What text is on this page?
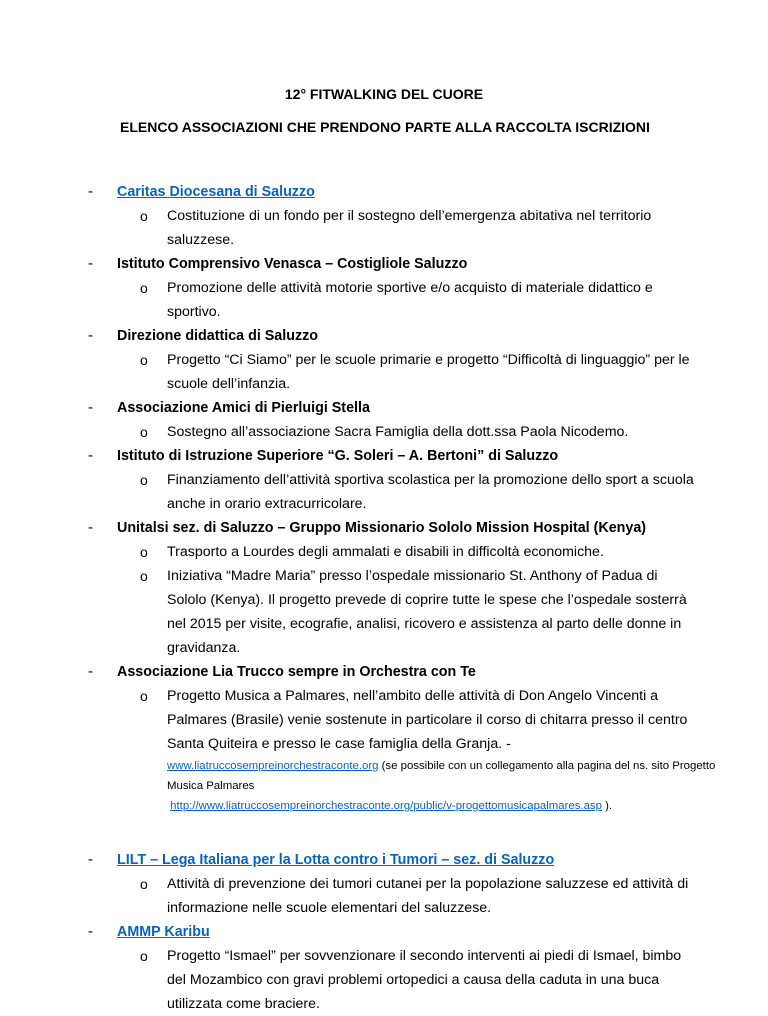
12° FITWALKING DEL CUORE
ELENCO ASSOCIAZIONI CHE PRENDONO PARTE ALLA RACCOLTA ISCRIZIONI
- Caritas Diocesana di Saluzzo
o Costituzione di un fondo per il sostegno dell’emergenza abitativa nel territorio saluzzese.
- Istituto Comprensivo Venasca – Costigliole Saluzzo
o Promozione delle attività motorie sportive e/o acquisto di materiale didattico e sportivo.
- Direzione didattica di Saluzzo
o Progetto “Ci Siamo” per le scuole primarie e progetto “Difficoltà di linguaggio” per le scuole dell’infanzia.
- Associazione Amici di Pierluigi Stella
o Sostegno all’associazione Sacra Famiglia della dott.ssa Paola Nicodemo.
- Istituto di Istruzione Superiore “G. Soleri – A. Bertoni” di Saluzzo
o Finanziamento dell’attività sportiva scolastica per la promozione dello sport a scuola anche in orario extracurricolare.
- Unitalsi sez. di Saluzzo – Gruppo Missionario Sololo Mission Hospital (Kenya)
o Trasporto a Lourdes degli ammalati e disabili in difficoltà economiche.
o Iniziativa “Madre Maria” presso l’ospedale missionario St. Anthony of Padua di Sololo (Kenya). Il progetto prevede di coprire tutte le spese che l’ospedale sosterrà nel 2015 per visite, ecografie, analisi, ricovero e assistenza al parto delle donne in gravidanza.
- Associazione Lia Trucco sempre in Orchestra con Te
o Progetto Musica a Palmares, nell’ambito delle attività di Don Angelo Vincenti a Palmares (Brasile) venie sostenute in particolare il corso di chitarra presso il centro Santa Quiteira e presso le case famiglia della Granja. -
www.liatruccosempreinorchestraconte.org (se possibile con un collegamento alla pagina del ns. sito Progetto Musica Palmares
http://www.liatruccosempreinorchestraconte.org/public/v-progettomusicapalmares.asp ).
- LILT – Lega Italiana per la Lotta contro i Tumori – sez. di Saluzzo
o Attività di prevenzione dei tumori cutanei per la popolazione saluzzese ed attività di informazione nelle scuole elementari del saluzzese.
- AMMP Karibu
o Progetto “Ismael” per sovvenzionare il secondo interventi ai piedi di Ismael, bimbo del Mozambico con gravi problemi ortopedici a causa della caduta in una buca utilizzata come braciere.
